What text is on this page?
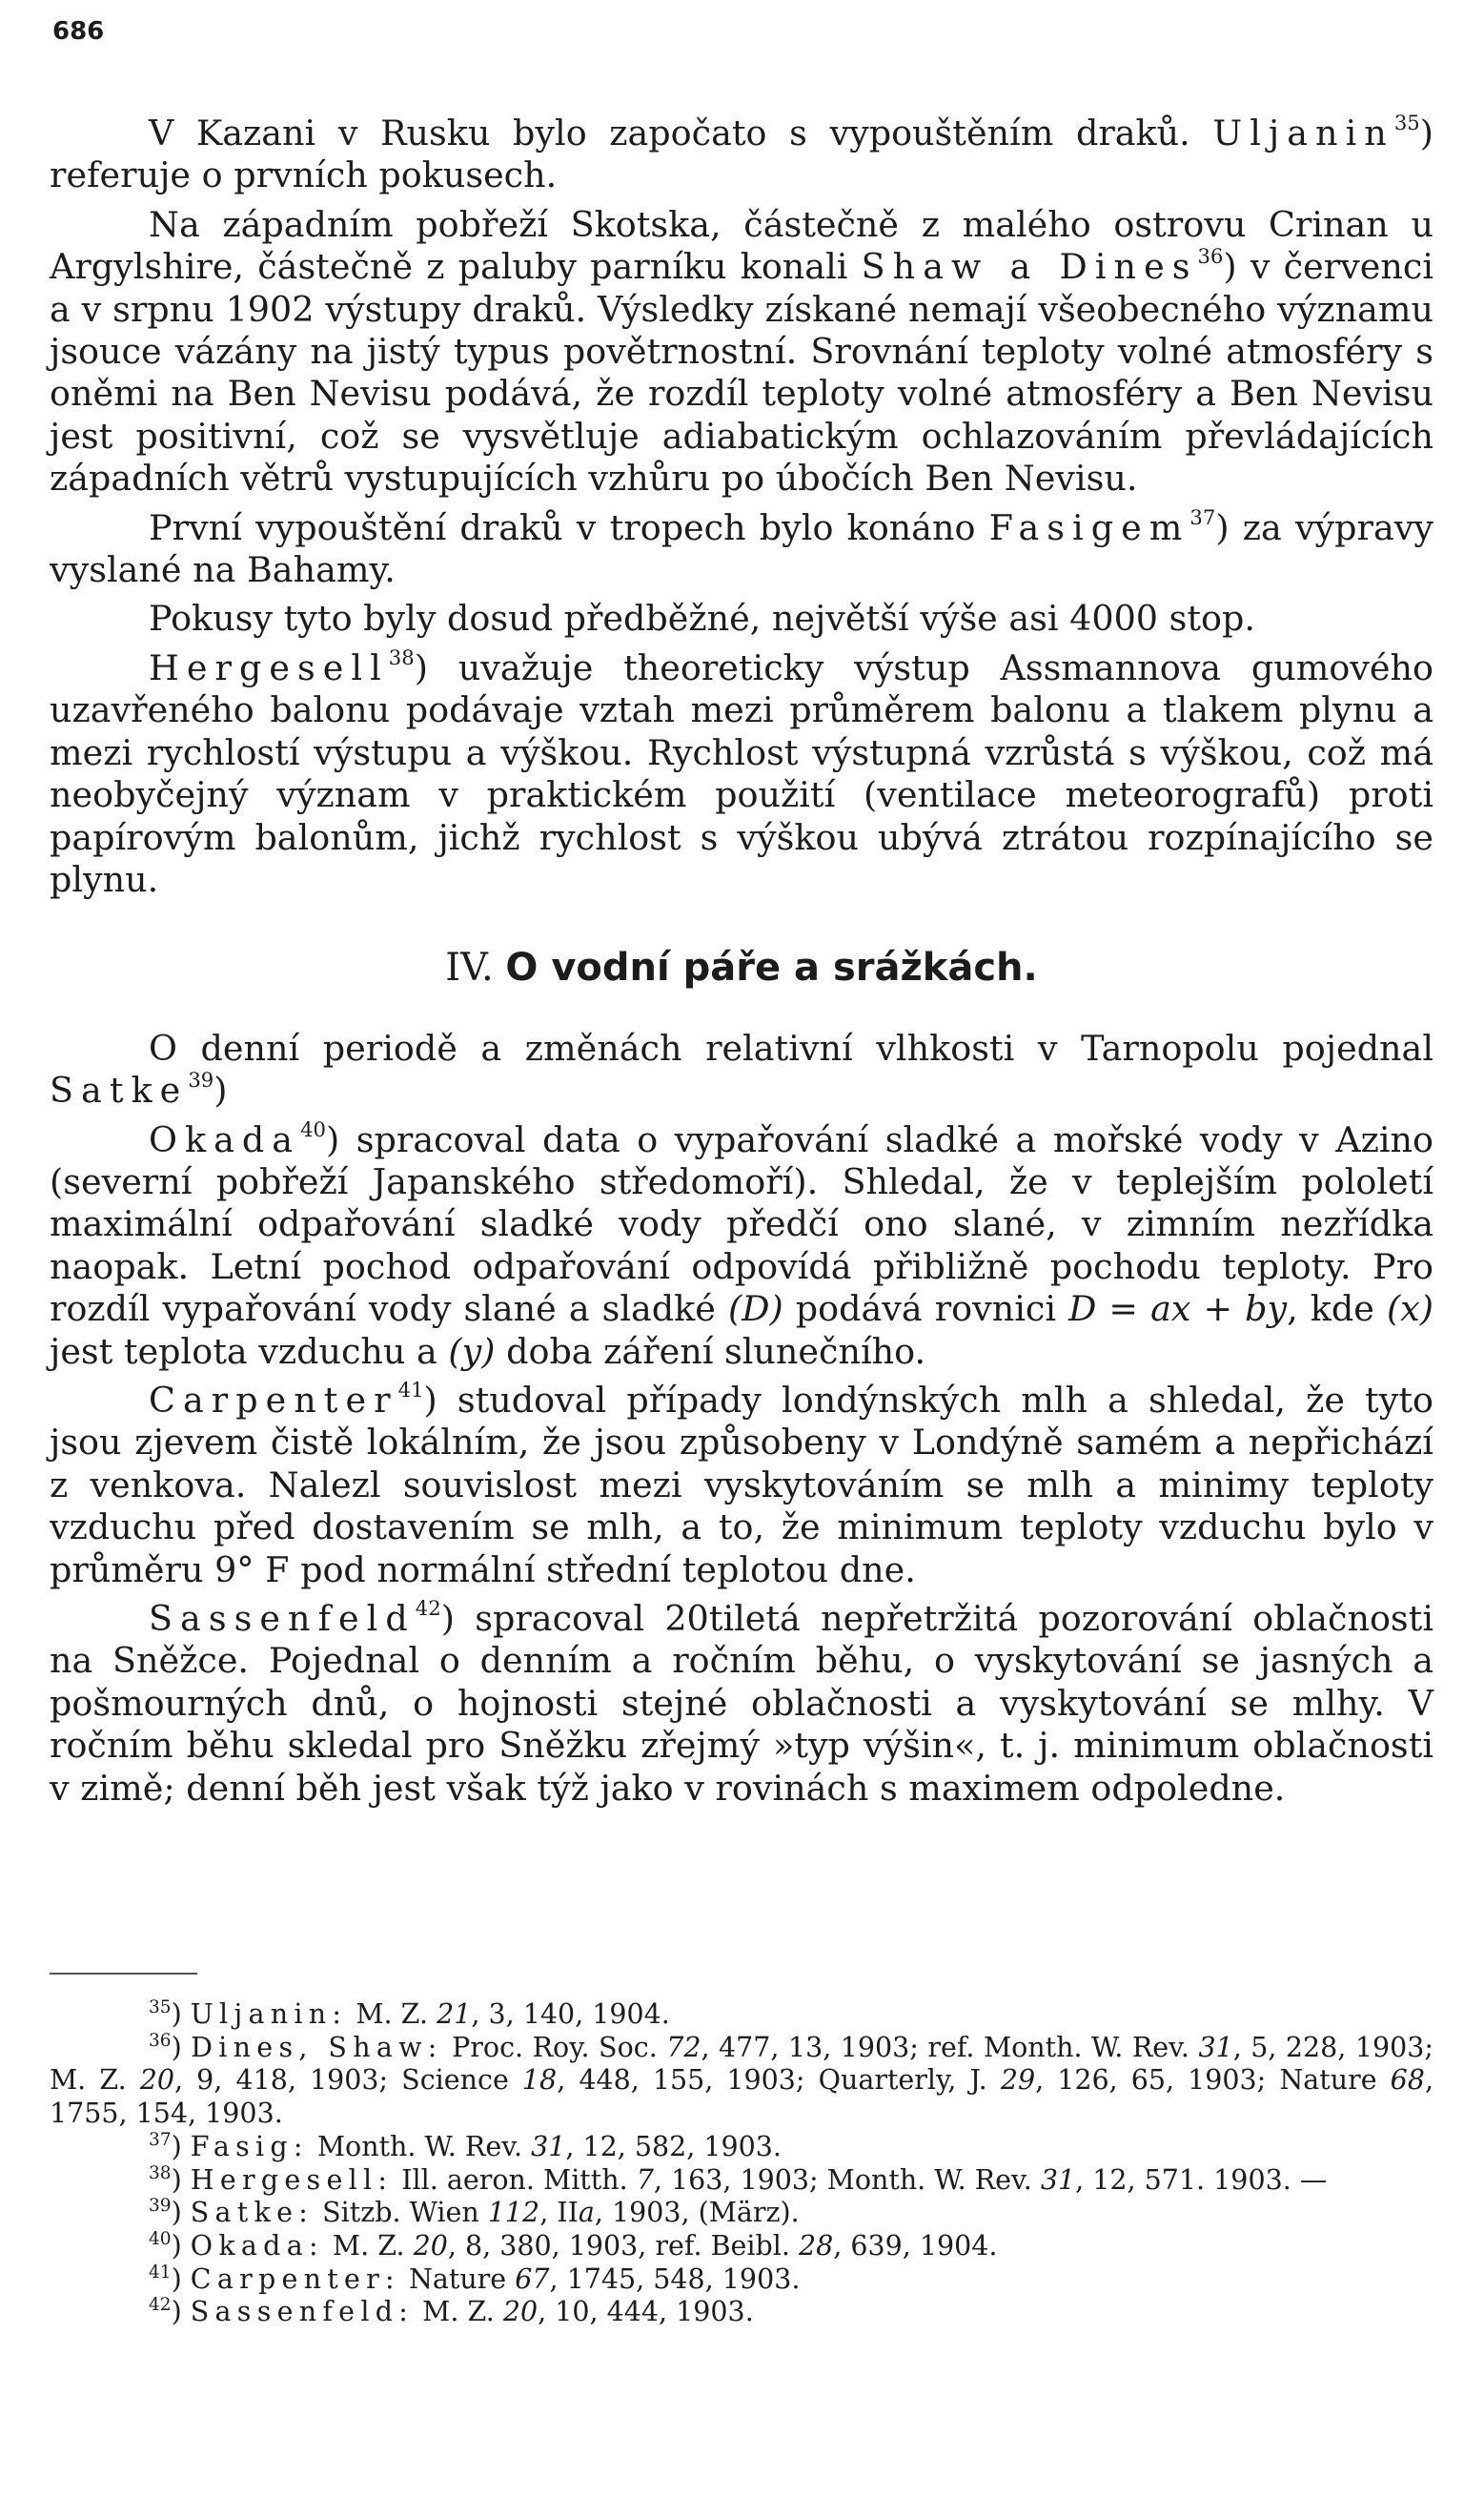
686

V Kazani v Rusku bylo započato s vypouštěním draků. Uljanin$^{35}$) referuje o prvních pokusech.

Na západním pobřeží Skotska, částečně z malého ostrovu Crinan u Argylshire, částečně z paluby parníku konali Shaw a Dines$^{36}$) v červenci a v srpnu 1902 výstupy draků. Výsledky získané nemají všeobecného významu jsouce vázány na jistý typus povětrnostní. Srovnání teploty volné atmosféry s oněmi na Ben Nevisu podává, že rozdíl teploty volné atmosféry a Ben Nevisu jest positivní, což se vysvětluje adiabatickým ochlazováním převládajících západních větrů vystupujících vzhůru po úbočích Ben Nevisu.

První vypouštění draků v tropech bylo konáno Fasigem$^{37}$) za výpravy vyslané na Bahamy.

Pokusy tyto byly dosud předběžné, největší výše asi 4000 stop.

Hergesell$^{38}$) uvažuje theoreticky výstup Assmannova gumového uzavřeného balonu podávaje vztah mezi průměrem balonu a tlakem plynu a mezi rychlostí výstupu a výškou. Rychlost výstupná vzrůstá s výškou, což má neobyčejný význam v praktickém použití (ventilace meteorografů) proti papírovým balonům, jichž rychlost s výškou ubývá ztrátou rozpínajícího se plynu.

IV. O vodní páře a srážkách.

O denní periodě a změnách relativní vlhkosti v Tarnopolu pojednal Satke$^{39}$)

Okada$^{40}$) spracoval data o vypařování sladké a mořské vody v Azino (severní pobřeží Japanského středomoří). Shledal, že v teplejším pololetí maximální odpařování sladké vody předčí ono slané, v zimním nezřídka naopak. Letní pochod odpařování odpovídá přibližně pochodu teploty. Pro rozdíl vypařování vody slané a sladké (D) podává rovnici D = ax + by, kde (x) jest teplota vzduchu a (y) doba záření slunečního.

Carpenter$^{41}$) studoval případy londýnských mlh a shledal, že tyto jsou zjevem čistě lokálním, že jsou způsobeny v Londýně samém a nepřichází z venkova. Nalezl souvislost mezi vyskytováním se mlh a minimy teploty vzduchu před dostavením se mlh, a to, že minimum teploty vzduchu bylo v průměru 9° F pod normální střední teplotou dne.

Sassenfeld$^{42}$) spracoval 20tiletá nepřetržitá pozorování oblačnosti na Sněžce. Pojednal o denním a ročním běhu, o vyskytování se jasných a pošmourných dnů, o hojnosti stejné oblačnosti a vyskytování se mlhy. V ročním běhu skledal pro Sněžku zřejmý »typ výšin«, t. j. minimum oblačnosti v zimě; denní běh jest však týž jako v rovinách s maximem odpoledne.

$^{35}$) Uljanin: M. Z. 21, 3, 140, 1904.

$^{36}$) Dines, Shaw: Proc. Roy. Soc. 72, 477, 13, 1903; ref. Month. W. Rev. 31, 5, 228, 1903; M. Z. 20, 9, 418, 1903; Science 18, 448, 155, 1903; Quarterly, J. 29, 126, 65, 1903; Nature 68, 1755, 154, 1903.

$^{37}$) Fasig: Month. W. Rev. 31, 12, 582, 1903.

$^{38}$) Hergesell: Ill. aeron. Mitth. 7, 163, 1903; Month. W. Rev. 31, 12, 571. 1903. —

$^{39}$) Satke: Sitzb. Wien 112, IIa, 1903, (März).

$^{40}$) Okada: M. Z. 20, 8, 380, 1903, ref. Beibl. 28, 639, 1904.

$^{41}$) Carpenter: Nature 67, 1745, 548, 1903.

$^{42}$) Sassenfeld: M. Z. 20, 10, 444, 1903.
